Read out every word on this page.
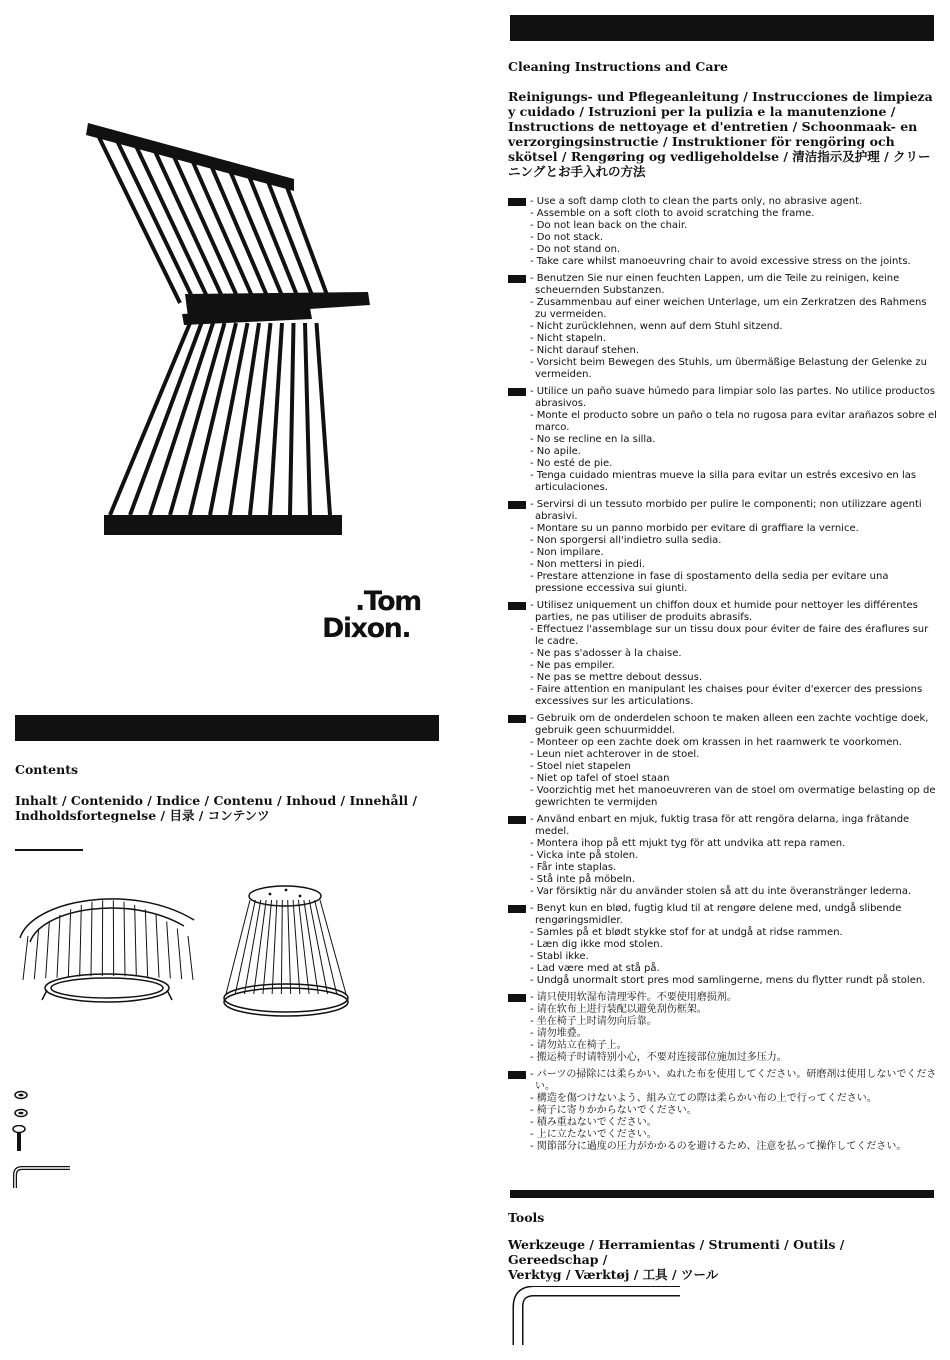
.Tom
Dixon.
Contents
Inhalt / Contenido / Indice / Contenu / Inhoud / Innehåll /
Indholdsfortegnelse / 目录 / コンテンツ
Cleaning Instructions and Care
Reinigungs- und Pflegeanleitung / Instrucciones de limpieza
y cuidado / Istruzioni per la pulizia e la manutenzione /
Instructions de nettoyage et d'entretien / Schoonmaak- en
verzorgingsinstructie / Instruktioner för rengöring och
skötsel / Rengøring og vedligeholdelse / 清洁指示及护理 / クリー
ニングとお手入れの方法
- Use a soft damp cloth to clean the parts only, no abrasive agent.
- Assemble on a soft cloth to avoid scratching the frame.
- Do not lean back on the chair.
- Do not stack.
- Do not stand on.
- Take care whilst manoeuvring chair to avoid excessive stress on the joints.
- Benutzen Sie nur einen feuchten Lappen, um die Teile zu reinigen, keine scheuernden Substanzen.
- Zusammenbau auf einer weichen Unterlage, um ein Zerkratzen des Rahmens zu vermeiden.
- Nicht zurücklehnen, wenn auf dem Stuhl sitzend.
- Nicht stapeln.
- Nicht darauf stehen.
- Vorsicht beim Bewegen des Stuhls, um übermäßige Belastung der Gelenke zu vermeiden.
- Utilice un paño suave húmedo para limpiar solo las partes. No utilice productos abrasivos.
- Monte el producto sobre un paño o tela no rugosa para evitar arañazos sobre el marco.
- No se recline en la silla.
- No apile.
- No esté de pie.
- Tenga cuidado mientras mueve la silla para evitar un estrés excesivo en las articulaciones.
- Servirsi di un tessuto morbido per pulire le componenti; non utilizzare agenti abrasivi.
- Montare su un panno morbido per evitare di graffiare la vernice.
- Non sporgersi all'indietro sulla sedia.
- Non impilare.
- Non mettersi in piedi.
- Prestare attenzione in fase di spostamento della sedia per evitare una pressione eccessiva sui giunti.
- Utilisez uniquement un chiffon doux et humide pour nettoyer les différentes parties, ne pas utiliser de produits abrasifs.
- Effectuez l'assemblage sur un tissu doux pour éviter de faire des éraflures sur le cadre.
- Ne pas s'adosser à la chaise.
- Ne pas empiler.
- Ne pas se mettre debout dessus.
- Faire attention en manipulant les chaises pour éviter d'exercer des pressions excessives sur les articulations.
- Gebruik om de onderdelen schoon te maken alleen een zachte vochtige doek, gebruik geen schuurmiddel.
- Monteer op een zachte doek om krassen in het raamwerk te voorkomen.
- Leun niet achterover in de stoel.
- Stoel niet stapelen
- Niet op tafel of stoel staan
- Voorzichtig met het manoeuvreren van de stoel om overmatige belasting op de gewrichten te vermijden
- Använd enbart en mjuk, fuktig trasa för att rengöra delarna, inga frätande medel.
- Montera ihop på ett mjukt tyg för att undvika att repa ramen.
- Vicka inte på stolen.
- Får inte staplas.
- Stå inte på möbeln.
- Var försiktig när du använder stolen så att du inte överanstränger lederna.
- Benyt kun en blød, fugtig klud til at rengøre delene med, undgå slibende rengøringsmidler.
- Samles på et blødt stykke stof for at undgå at ridse rammen.
- Læn dig ikke mod stolen.
- Stabl ikke.
- Lad være med at stå på.
- Undgå unormalt stort pres mod samlingerne, mens du flytter rundt på stolen.
- 请只使用软湿布清理零件。不要使用磨损剂。
- 请在软布上进行装配以避免刮伤框架。
- 坐在椅子上时请勿向后靠。
- 请勿堆叠。
- 请勿站立在椅子上。
- 搬运椅子时请特别小心，不要对连接部位施加过多压力。
- パーツの掃除には柔らかい、ぬれた布を使用してください。研磨剤は使用しないでください。
- 構造を傷つけないよう、組み立ての際は柔らかい布の上で行ってください。
- 椅子に寄りかからないでください。
- 積み重ねないでください。
- 上に立たないでください。
- 関節部分に過度の圧力がかかるのを避けるため、注意を払って操作してください。
Tools
Werkzeuge / Herramientas / Strumenti / Outils / Gereedschap /
Verktyg / Værktøj / 工具 / ツール
